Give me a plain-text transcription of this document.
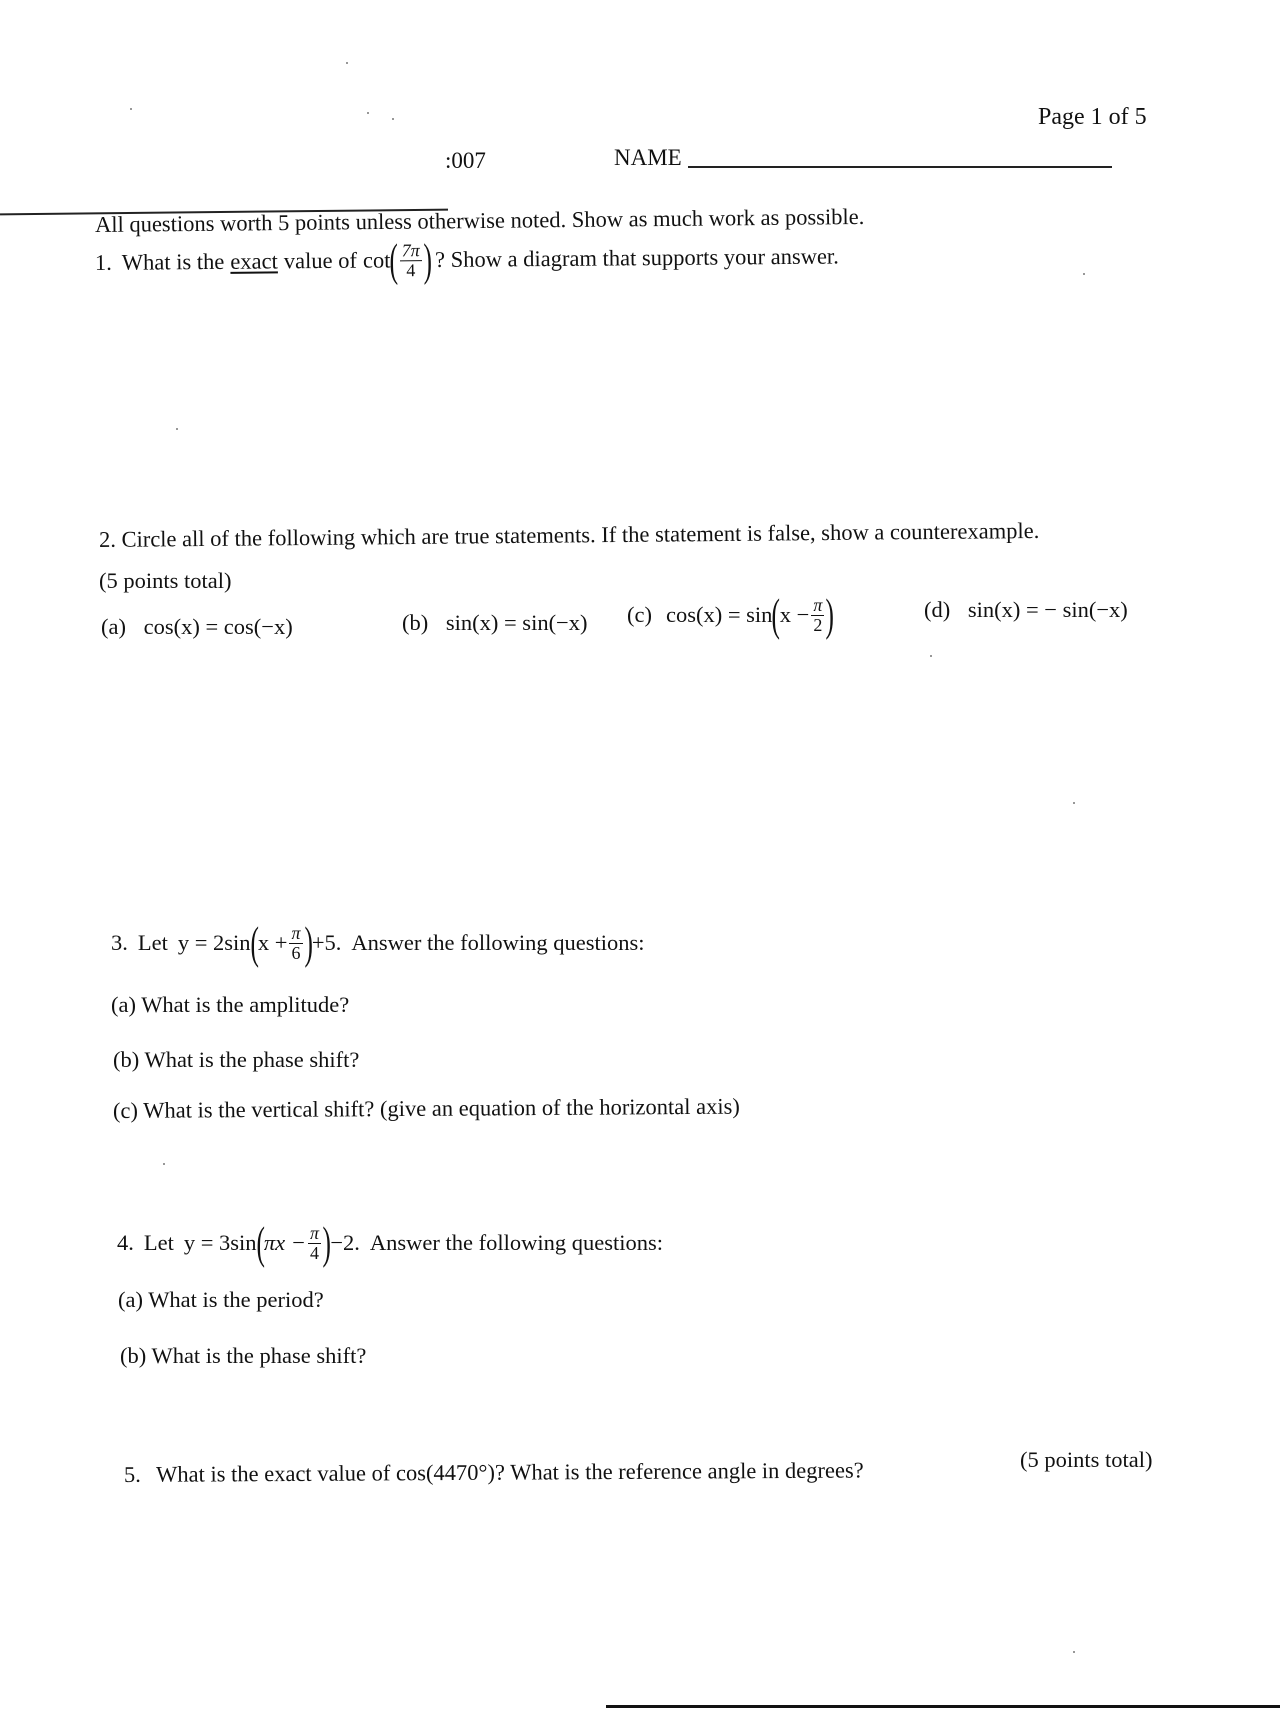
Page 1 of 5
:007	NAME
All questions worth 5 points unless otherwise noted. Show as much work as possible.
1. What is the exact value of cot ( $\frac{7\pi}{4}$ ) ? Show a diagram that supports your answer.
2. Circle all of the following which are true statements. If the statement is false, show a counterexample.
(5 points total)
(a) cos(x) = cos(−x)	(b) sin(x) = sin(−x) (c) cos(x) = sin ( $x - \frac{\pi}{2}$ )	(d) sin(x) = − sin(−x)
3. Let y = 2sin ( $x + \frac{\pi}{6}$ ) +5. Answer the following questions:
(a) What is the amplitude?
(b) What is the phase shift?
(c) What is the vertical shift? (give an equation of the horizontal axis)
4. Let y = 3sin ( $\pi x - \frac{\pi}{4}$ ) −2. Answer the following questions:
(a) What is the period?
(b) What is the phase shift?
5. What is the exact value of cos(4470°)? What is the reference angle in degrees?	(5 points total)
